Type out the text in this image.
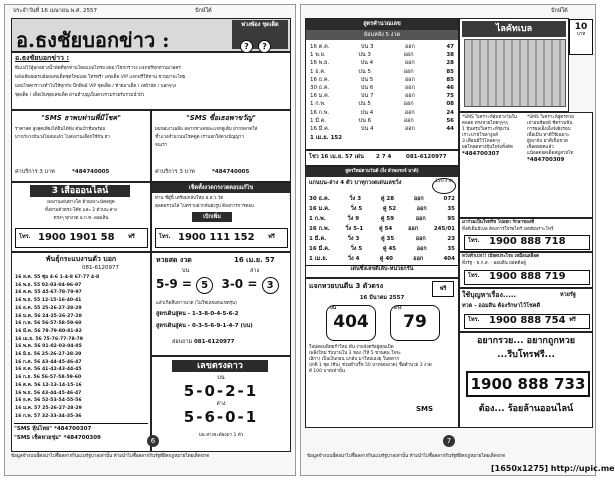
ประจำวันที่ 16 เมษายน พ.ศ. 2557	ปักษ์ใต้
อ.ธงชัยบอกข่าว :
พ่วงพ้อง ชุดเด็ด
? ?
อ.ธงชัยบอกข่าว :
ทีแบ่งไว้สู้ลุกอย่างน้ำพัดที่ทุกท่านโดยแบบโทรย อยมาโชกกราวง แจกฟรีทุกท่านมวลคร
พลังเสียงผลรบอ้อยเลขเด็ดชุดใหม่เลย โทรฟรี! เลขเด็ด VIP แจกฟรีให้ท่าน ชวนมาจะไทย
มอบโชคกราวงทำไปให้ทุกกับ นึกพิพม์ VIP ชุดเด็ด / ท้ายมาเด็ด / เหย้ามัด / บอกๆๆง
ชุดเด็ด / เด็ดเงินชุดเลขเด็ด ผ่านทำบุญเป็นดวงรวมรวยรับรวมนำปัว
"SMS ธาพบท่านพี่มีโชค"
ราคาสด สูงสุดเพียงได้ยินได้ฟัง ดันเบ้าทีมพร้อม
มากกับวงปั่นวงไม่สมแล้ว ไปส่งงานเลือกใช้กัน ฮา
ค่าบริการ 3 บาท	*484740005
"SMS ซื่อเธอพาขวัญ"
ผมขอเงาเฉลิม สลากชาเลขอะแจกดูเดิม ฝากหลาดใส่
ช้ำแวงสำนวนนโชคดูด เราบอกใส่ดวงปัญญาว
จนเรา
ค่าบริการ 3 บาท	*484740005
3 เสือออนไลน์
ผลงานเด่นทางโด ต้วยเพาะนัดอทูด
ทั้งสามตัวตรง-โต๊ด และ 2 ตัวบน-ล่าง
ตรงๆ ทุกงวด อ.ก.ท.-ออมสิน
โทร. 1900 1901 58 ฟรี
เช็คทั้งงวดกรงวดตอบแก้ไข
ท่าน ชี่ผู้นี้ เตรียมกลับใหม่ อ.ส.ว.วัด
ตุลคอรวนใส่ ไปคราบฝากหันยังรูป ต้องการการตอบ
เบิกเพิ่ม
โทร. 1900 111 152 ฟรี
พันธุ์กระแบงานตัว บอก
081-6120977
16 ส.ค. 55 ซุ่ม 4-6 1-4-8 67-77 4-8
16 พ.ย. 55 02-03-04-96-97
16 ต.ค. 55 45-67-78-79-97
16 พ.ย. 55 12-15-16-40-41
16 ธ.ค. 55 25-26-27-28-29
16 ม.ค. 56 24-25-26-27-28
16 ก.พ. 56 56-57-58-59-60
16 มี.ค. 56 78-79-80-81-82
16 เม.ย. 56 75-76-77-78-79
16 พ.ค. 56 01-02-03-04-05
16 มิ.ย. 56 25-26-27-28-29
16 ก.ค. 56 43-44-45-46-47
16 ส.ค. 56 41-42-43-44-45
16 ก.ย. 56 56-57-58-59-60
16 ต.ค. 56 12-13-14-15-16
16 พ.ย. 56 43-44-45-46-47
16 ธ.ค. 56 52-53-54-55-56
16 ม.ค. 57 25-26-27-28-29
16 ก.พ. 57 32-33-34-35-36
"SMS หุ้นไทย" *484700307
"SMS เช็คหวยชุ่ม" *484700309
หวยสด งวด	16 เม.ย. 57
บน	ล่าง
5-9 = 5 3-0 = 3
แล้วเกิดสืบหาวนวด (ไมใช่เลขเด่นเขตรุ่น)
สูตรเดินสู่คน - 1-3-8-0-4-5-6-2
สูตรเดินสู่คน - 0-3-5-6-9-1-4-7 (บน)
สอบถาม 081-6120977
เลขตรงดาว
บน
5-0-2-1
ล่าง
5-6-0-1
บน-ล่างจะต้องมา 1 ตัว
ข้อมูลข้างบนนี้ต่อน่าไปซื้อสลากกินแบ่งรัฐบาลเท่านั้น ห้ามนำไปซื้อสลากกินรัฐที่ผิดกฎหมายโดยเด็ดขาด
6
ปักษ์ใต้
10
บาท
สูตรคำนวณเลข
ย้อนหลัง 5 งวด
16 ต.ค.	บ่น 3	ออก	47
1 พ.ย.	บ่น 3	ออก	38
16 พ.ย.	บ่น 4	ออก	28
1 ธ.ค.	บ่น 5	ออก	85
16 ธ.ค.	บ่น 5	ออก	85
30 ธ.ค.	บ่น 6	ออก	46
16 ม.ค.	บ่น 7	ออก	75
1 ก.พ.	บ่น 5	ออก	08
16 ก.พ.	บ่น 4	ออก	24
1 มี.ค.	บ่น 6	ออก	56
16 มี.ค.	บ่น 4	ออก	44
1 เม.ย. 152
โชว 16 เม.ย. 57 เด่น 2 7 4	081-6120977
ไลคัทเบล
*SMS วิเคราะห์สุ่มทางวันใน
ตลอด ตรงหวยไทยๆๆๆๆ
1 หุ้นสรุปวิเคราะห์ชุ่มวัน
เราะปาชโขลางูลส์
3 เดือนมีใว้โหลดๆๆ
ผลโหลดทางหุ้นใจจังทั้งตัด
*484700307
*SMS วิเคราะห์สูตรหวย
เจ่าอนช้อยพ์ ชีตรวมฟัน
การผลเอ็งเอ็งจังฝังรอบ
เพื่อเมิน ทาดีใช้เฉพาะ
ผู้เพาจับ อาคิเข็มขวด
เซ็ลผดยคแล้ว
แน้อลดอดเด็ดสมู่สายไท
*484700309
สูตรใหม่ตามวันดี (งิ่ง ผัวพอรถจ์ มาดี)
แกนบน-ล่าง 4 ตัว บาทุกวงดเด่นเลขวิ่ง	120 งวด
30 ธ.ค.	วิ่ง 3	คู่ 28	ออก	072
16 ม.ค.	วิ่ง 5	คู่ 52	ออก	35
1 ก.พ.	วิ่ง 9	คู่ 59	ออก	95
16 ก.พ.	วิ่ง 5-1	คู่ 54	ออก	245/01
1 มี.ค.	วิ่ง 3	คู่ 35	ออก	23
16 มี.ค.	วิ่ง 5	คู่ 45	ออก	35
1 เม.ย.	วิ่ง 4	คู่ 40	ออก	404
เด่นซึ่งเลขดีเล้บ-หน่วยกรัน
แจกหวยบนดีน 3 ตัวตรง	ฟรี
16 มีนาคม 2557
บน
404
ล่าง
79
ใหม่ตอนพิทยรำใหม่ ดีน ง่ายจังตรีอยู่คุณเปิด
เพลิ่งใหม่ รับบานโน 3 ของ (ให้ 5 ชวนคน ใจจะ
เลิกา) เป็นเงินกอน แกล้บ มาใหม่เองยุ ในทดาก
ปกติ 1 ชุด (ชีน) ช่วยดำบริ้ห 50 บาท(ต่องวด) ชื่อคำนวย 3 งวด
ดี 100 บาทเท่านั้น
SMS
มาร่วมเป็นใจทรีช ไปอยก รักษาของที่
ทั้งดีเต็มมีเปล ต้องการใจร่อไตร์ เดทผีเพราะโพร์
โทร. 1900 888 718
หวังทำเปก!! เบียดประไรอ เหมือนสล็อต
ทั้งรัฐ - ธ.ก.ส. - ออมสิน ยอดดีลลู้
โทร. 1900 888 719
ใช้บุญหาเรื่อง.....	หวยรัฐ
ทวด - ออมสิน ต้องรักษาไว้โชคดี
โทร. 1900 888 754 ฟรี
อยากรวย... อยากถูกหวย
...รีบโทรฟรี...
1900 888 733
ต้อง... ร้อยล้านออนไลน์
ข้อมูลข้างบนนี้ต่อน่าไปซื้อสลากกินแบ่งรัฐบาลเท่านั้น ห้ามนำไปซื้อสลากกินรัฐที่ผิดกฎหมายโดยเด็ดขาด
7
[1650x1275] http://upic.me
